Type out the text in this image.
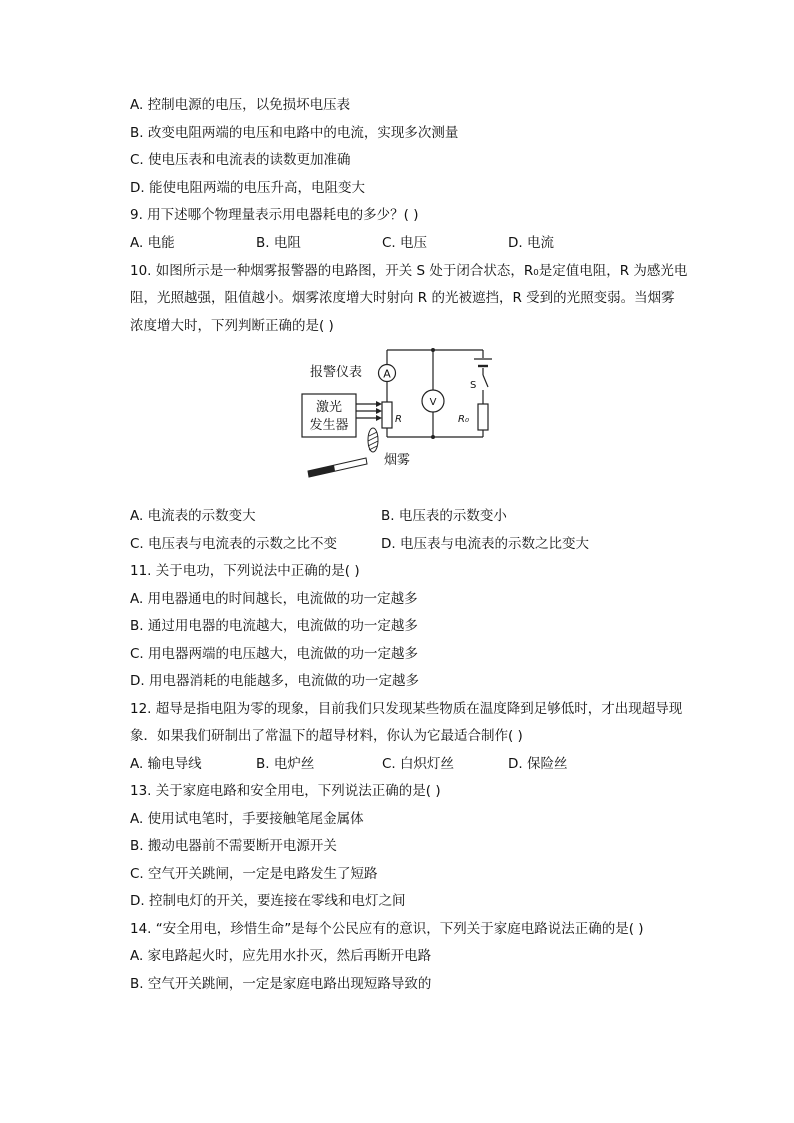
A. 控制电源的电压，以免损坏电压表
B. 改变电阻两端的电压和电路中的电流，实现多次测量
C. 使电压表和电流表的读数更加准确
D. 能使电阻两端的电压升高，电阻变大
9. 用下述哪个物理量表示用电器耗电的多少？( )
A. 电能	B. 电阻	C. 电压	D. 电流
10. 如图所示是一种烟雾报警器的电路图，开关 S 处于闭合状态，R₀是定值电阻，R 为感光电
阻，光照越强，阻值越小。烟雾浓度增大时射向 R 的光被遮挡，R 受到的光照变弱。当烟雾
浓度增大时，下列判断正确的是( )
报警仪表 A
V
激光
发生器	R	R₀
S
烟雾
A. 电流表的示数变大	B. 电压表的示数变小
C. 电压表与电流表的示数之比不变	D. 电压表与电流表的示数之比变大
11. 关于电功，下列说法中正确的是( )
A. 用电器通电的时间越长，电流做的功一定越多
B. 通过用电器的电流越大，电流做的功一定越多
C. 用电器两端的电压越大，电流做的功一定越多
D. 用电器消耗的电能越多，电流做的功一定越多
12. 超导是指电阻为零的现象，目前我们只发现某些物质在温度降到足够低时，才出现超导现
象．如果我们研制出了常温下的超导材料，你认为它最适合制作( )
A. 输电导线	B. 电炉丝	C. 白炽灯丝	D. 保险丝
13. 关于家庭电路和安全用电，下列说法正确的是( )
A. 使用试电笔时，手要接触笔尾金属体
B. 搬动电器前不需要断开电源开关
C. 空气开关跳闸，一定是电路发生了短路
D. 控制电灯的开关，要连接在零线和电灯之间
14. “安全用电，珍惜生命”是每个公民应有的意识，下列关于家庭电路说法正确的是( )
A. 家电路起火时，应先用水扑灭，然后再断开电路
B. 空气开关跳闸，一定是家庭电路出现短路导致的
